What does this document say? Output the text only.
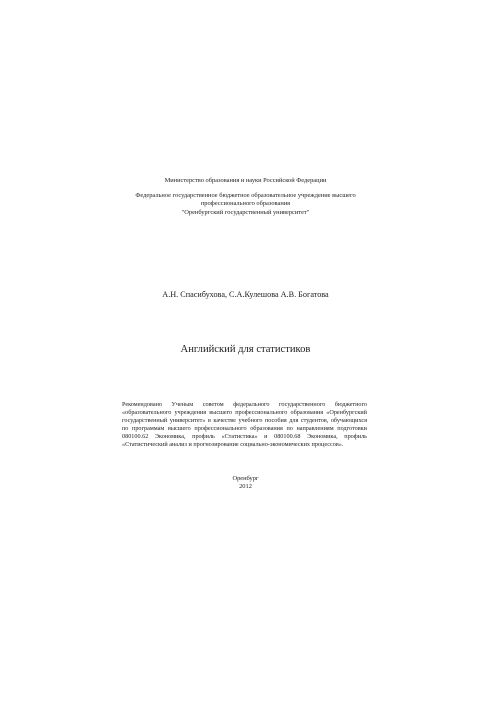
Министерство образования и науки Российской Федерации
Федеральное государственное бюджетное образовательное учреждение высшего
профессионального образования
"Оренбургский государственный университет"
А.Н. Спасибухова, С.А.Кулешова А.В. Богатова
Английский для статистиков
Рекомендовано Ученым советом федерального государственного бюджетного «образовательного учреждения высшего профессионального образования «Оренбургский государственный университет» в качестве учебного пособия для студентов, обучающихся по программам высшего профессионального образования по направлениям подготовки 080100.62 Экономика, профиль «Статистика» и 080100.68 Экономика, профиль «Статистический анализ и прогнозирование социально-экономических процессов».
Оренбург
2012
